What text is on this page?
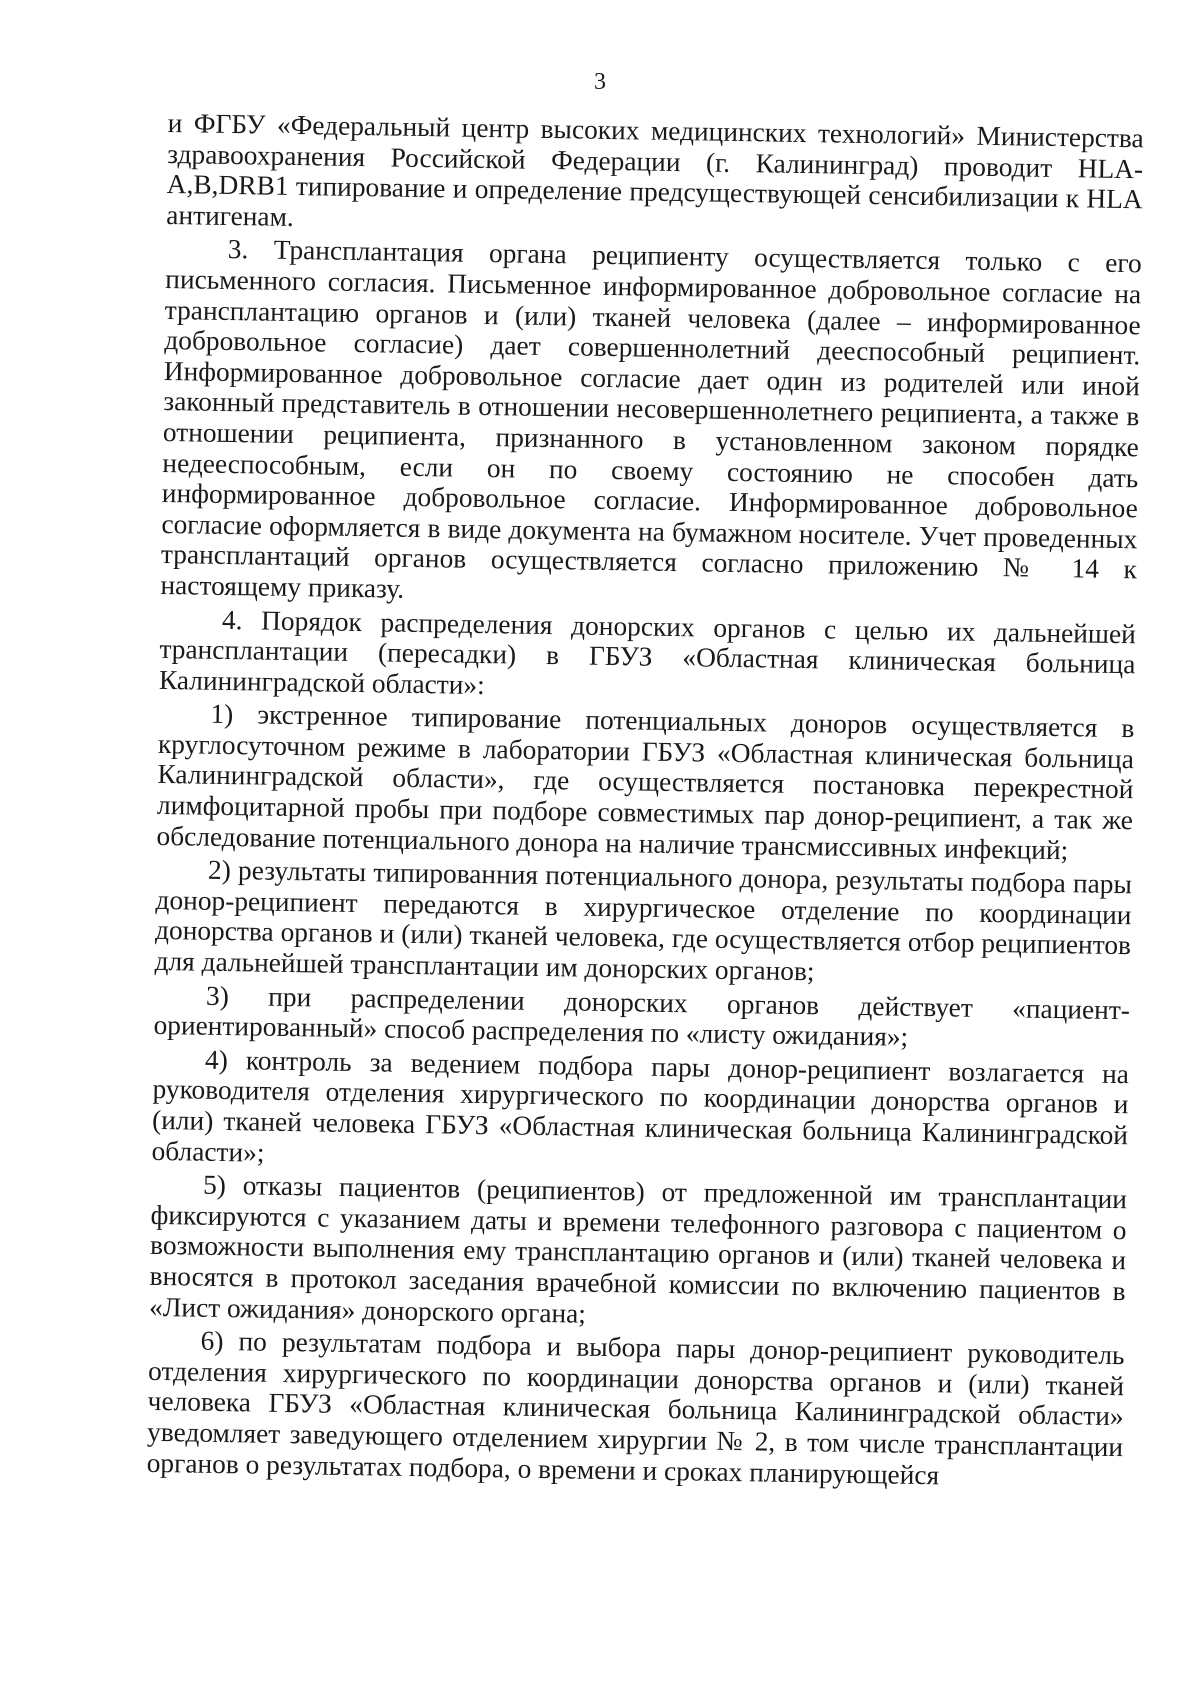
3

и ФГБУ «Федеральный центр высоких медицинских технологий» Министерства здравоохранения Российской Федерации (г. Калининград) проводит HLA-A,B,DRB1 типирование и определение предсуществующей сенсибилизации к HLA антигенам.

3. Трансплантация органа реципиенту осуществляется только с его письменного согласия. Письменное информированное добровольное согласие на трансплантацию органов и (или) тканей человека (далее – информированное добровольное согласие) дает совершеннолетний дееспособный реципиент. Информированное добровольное согласие дает один из родителей или иной законный представитель в отношении несовершеннолетнего реципиента, а также в отношении реципиента, признанного в установленном законом порядке недееспособным, если он по своему состоянию не способен дать информированное добровольное согласие. Информированное добровольное согласие оформляется в виде документа на бумажном носителе. Учет проведенных трансплантаций органов осуществляется согласно приложению № 14 к настоящему приказу.

4. Порядок распределения донорских органов с целью их дальнейшей трансплантации (пересадки) в ГБУЗ «Областная клиническая больница Калининградской области»:

1) экстренное типирование потенциальных доноров осуществляется в круглосуточном режиме в лаборатории ГБУЗ «Областная клиническая больница Калининградской области», где осуществляется постановка перекрестной лимфоцитарной пробы при подборе совместимых пар донор-реципиент, а так же обследование потенциального донора на наличие трансмиссивных инфекций;

2) результаты типированния потенциального донора, результаты подбора пары донор-реципиент передаются в хирургическое отделение по координации донорства органов и (или) тканей человека, где осуществляется отбор реципиентов для дальнейшей трансплантации им донорских органов;

3) при распределении донорских органов действует «пациент-ориентированный» способ распределения по «листу ожидания»;

4) контроль за ведением подбора пары донор-реципиент возлагается на руководителя отделения хирургического по координации донорства органов и (или) тканей человека ГБУЗ «Областная клиническая больница Калининградской области»;

5) отказы пациентов (реципиентов) от предложенной им трансплантации фиксируются с указанием даты и времени телефонного разговора с пациентом о возможности выполнения ему трансплантацию органов и (или) тканей человека и вносятся в протокол заседания врачебной комиссии по включению пациентов в «Лист ожидания» донорского органа;

6) по результатам подбора и выбора пары донор-реципиент руководитель отделения хирургического по координации донорства органов и (или) тканей человека ГБУЗ «Областная клиническая больница Калининградской области» уведомляет заведующего отделением хирургии № 2, в том числе трансплантации органов о результатах подбора, о времени и сроках планирующейся
